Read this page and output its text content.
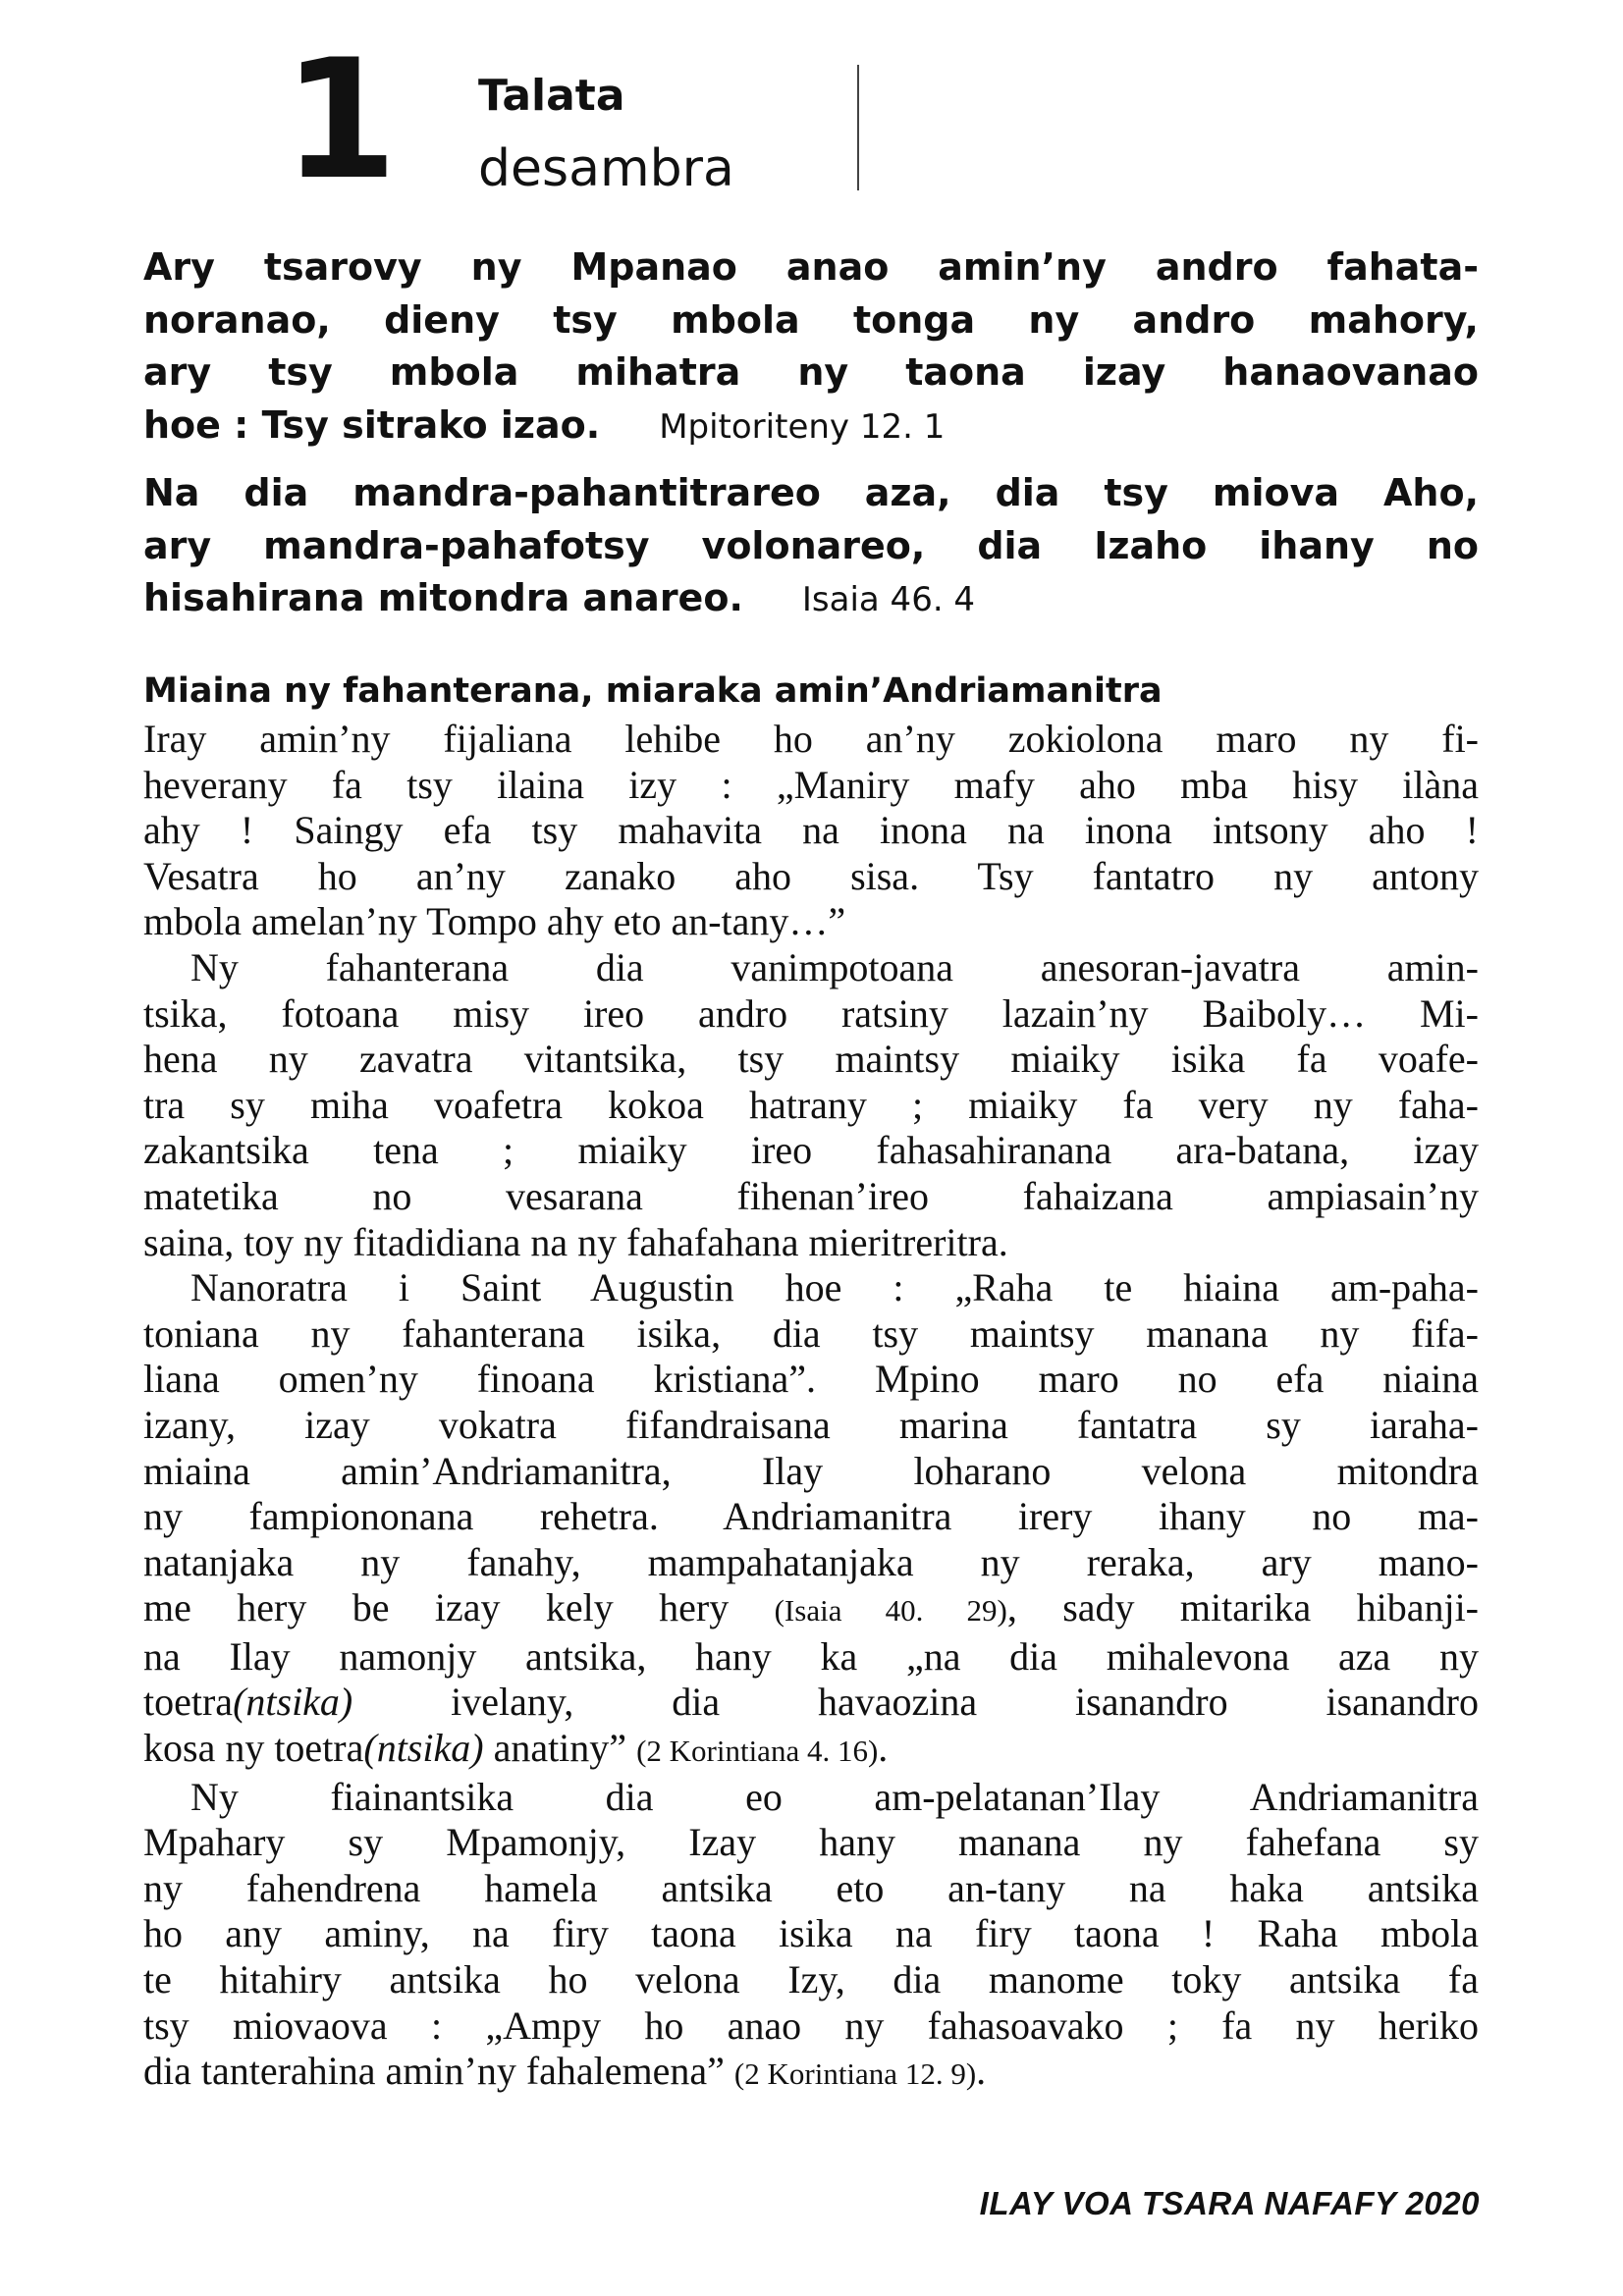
1 Talata
desambra

Ary tsarovy ny Mpanao anao amin’ny andro fahata-
noranao, dieny tsy mbola tonga ny andro mahory,
ary tsy mbola mihatra ny taona izay hanaovanao
hoe : Tsy sitrako izao. Mpitoriteny 12. 1

Na dia mandra-pahantitrareo aza, dia tsy miova Aho,
ary mandra-pahafotsy volonareo, dia Izaho ihany no
hisahirana mitondra anareo. Isaia 46. 4

Miaina ny fahanterana, miaraka amin’Andriamanitra

Iray amin’ny fijaliana lehibe ho an’ny zokiolona maro ny fi-
heverany fa tsy ilaina izy : „Maniry mafy aho mba hisy ilàna
ahy ! Saingy efa tsy mahavita na inona na inona intsony aho !
Vesatra ho an’ny zanako aho sisa. Tsy fantatro ny antony
mbola amelan’ny Tompo ahy eto an-tany…”

Ny fahanterana dia vanimpotoana anesoran-javatra amin-
tsika, fotoana misy ireo andro ratsiny lazain’ny Baiboly… Mi-
hena ny zavatra vitantsika, tsy maintsy miaiky isika fa voafe-
tra sy miha voafetra kokoa hatrany ; miaiky fa very ny faha-
zakantsika tena ; miaiky ireo fahasahiranana ara-batana, izay
matetika no vesarana fihenan’ireo fahaizana ampiasain’ny
saina, toy ny fitadidiana na ny fahafahana mieritreritra.

Nanoratra i Saint Augustin hoe : „Raha te hiaina am-paha-
toniana ny fahanterana isika, dia tsy maintsy manana ny fifa-
liana omen’ny finoana kristiana”. Mpino maro no efa niaina
izany, izay vokatra fifandraisana marina fantatra sy iaraha-
miaina amin’Andriamanitra, Ilay loharano velona mitondra
ny fampiononana rehetra. Andriamanitra irery ihany no ma-
natanjaka ny fanahy, mampahatanjaka ny reraka, ary mano-
me hery be izay kely hery (Isaia 40. 29), sady mitarika hibanji-
na Ilay namonjy antsika, hany ka „na dia mihalevona aza ny
toetra(ntsika) ivelany, dia havaozina isanandro isanandro
kosa ny toetra(ntsika) anatiny” (2 Korintiana 4. 16).

Ny fiainantsika dia eo am-pelatanan’Ilay Andriamanitra
Mpahary sy Mpamonjy, Izay hany manana ny fahefana sy
ny fahendrena hamela antsika eto an-tany na haka antsika
ho any aminy, na firy taona isika na firy taona ! Raha mbola
te hitahiry antsika ho velona Izy, dia manome toky antsika fa
tsy miovaova : „Ampy ho anao ny fahasoavako ; fa ny heriko
dia tanterahina amin’ny fahalemena” (2 Korintiana 12. 9).

ILAY VOA TSARA NAFAFY 2020
